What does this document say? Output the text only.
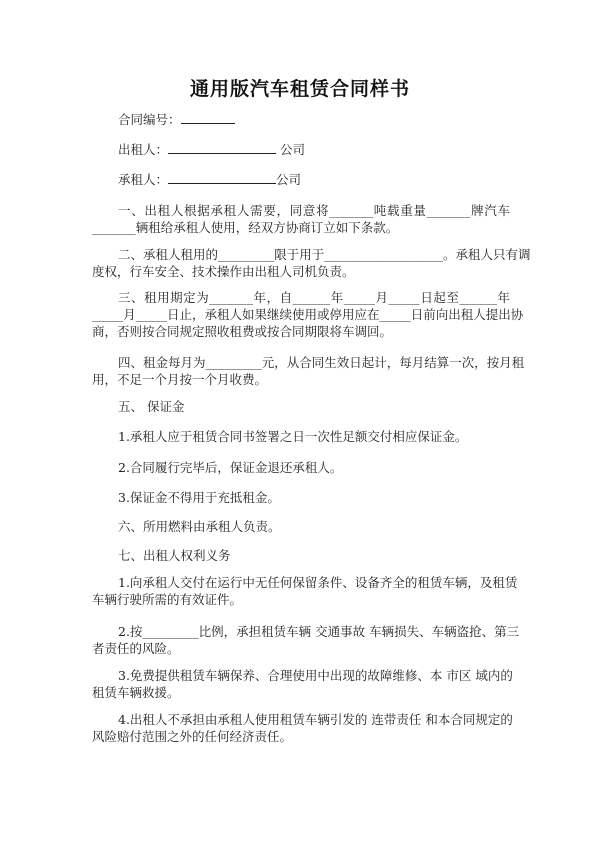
通用版汽车租赁合同样书
合同编号：
出租人：	公司
承租人：	公司
一、出租人根据承租人需要，同意将_______吨载重量_______牌汽车
_______辆租给承租人使用，经双方协商订立如下条款。
二、承租人租用的_________限于用于___________________。承租人只有调
度权，行车安全、技术操作由出租人司机负责。
三、租用期定为_______年，自______年_____月_____日起至______年
_____月_____日止，承租人如果继续使用或停用应在_____日前向出租人提出协
商，否则按合同规定照收租费或按合同期限将车调回。
四、租金每月为_________元，从合同生效日起计，每月结算一次，按月租
用，不足一个月按一个月收费。
五、 保证金
1.承租人应于租赁合同书签署之日一次性足额交付相应保证金。
2.合同履行完毕后，保证金退还承租人。
3.保证金不得用于充抵租金。
六、所用燃料由承租人负责。
七、出租人权利义务
1.向承租人交付在运行中无任何保留条件、设备齐全的租赁车辆，及租赁
车辆行驶所需的有效证件。
2.按_________比例，承担租赁车辆 交通事故 车辆损失、车辆盗抢、第三
者责任的风险。
3.免费提供租赁车辆保养、合理使用中出现的故障维修、本 市区 域内的
租赁车辆救援。
4.出租人不承担由承租人使用租赁车辆引发的 连带责任 和本合同规定的
风险赔付范围之外的任何经济责任。
